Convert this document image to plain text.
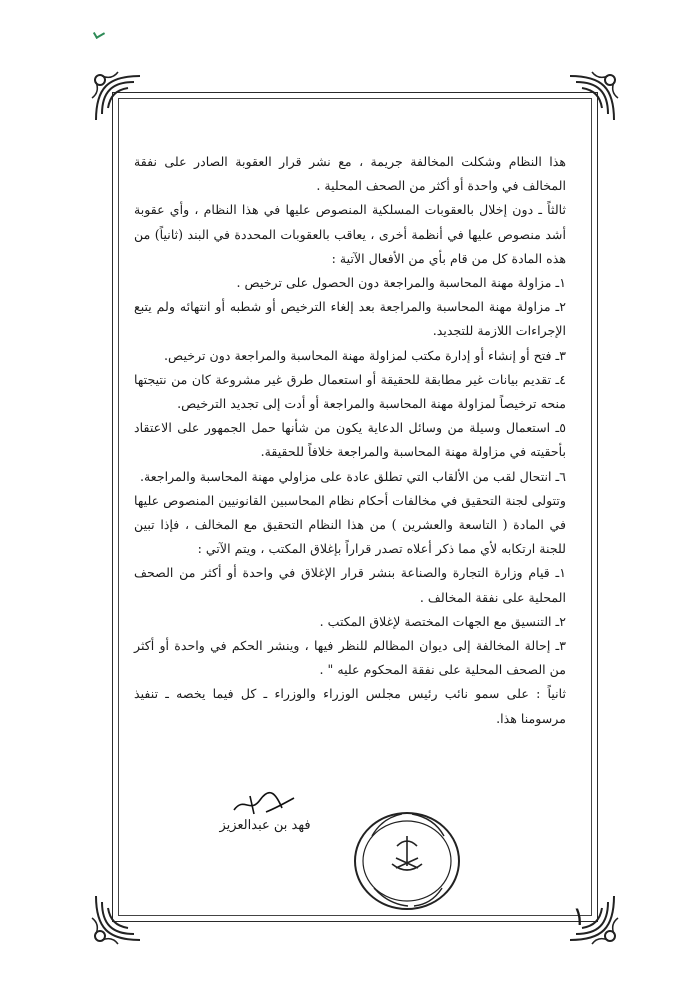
هذا النظام وشكلت المخالفة جريمة ، مع نشر قرار العقوبة الصادر على نفقة المخالف في واحدة أو أكثر من الصحف المحلية .

ثالثاً ـ دون إخلال بالعقوبات المسلكية المنصوص عليها في هذا النظام ، وأي عقوبة أشد منصوص عليها في أنظمة أخرى ، يعاقب بالعقوبات المحددة في البند (ثانياً) من هذه المادة كل من قام بأي من الأفعال الآتية :

١ـ مزاولة مهنة المحاسبة والمراجعة دون الحصول على ترخيص .

٢ـ مزاولة مهنة المحاسبة والمراجعة بعد إلغاء الترخيص أو شطبه أو انتهائه ولم يتبع الإجراءات اللازمة للتجديد.

٣ـ فتح أو إنشاء أو إدارة مكتب لمزاولة مهنة المحاسبة والمراجعة دون ترخيص.

٤ـ تقديم بيانات غير مطابقة للحقيقة أو استعمال طرق غير مشروعة كان من نتيجتها منحه ترخيصاً لمزاولة مهنة المحاسبة والمراجعة أو أدت إلى تجديد الترخيص.

٥ـ استعمال وسيلة من وسائل الدعاية يكون من شأنها حمل الجمهور على الاعتقاد بأحقيته في مزاولة مهنة المحاسبة والمراجعة خلافاً للحقيقة.

٦ـ انتحال لقب من الألقاب التي تطلق عادة على مزاولي مهنة المحاسبة والمراجعة.

وتتولى لجنة التحقيق في مخالفات أحكام نظام المحاسبين القانونيين المنصوص عليها في المادة ( التاسعة والعشرين ) من هذا النظام التحقيق مع المخالف ، فإذا تبين للجنة ارتكابه لأي مما ذكر أعلاه تصدر قراراً بإغلاق المكتب ، ويتم الآتي :

١ـ قيام وزارة التجارة والصناعة بنشر قرار الإغلاق في واحدة أو أكثر من الصحف المحلية على نفقة المخالف .

٢ـ التنسيق مع الجهات المختصة لإغلاق المكتب .

٣ـ إحالة المخالفة إلى ديوان المظالم للنظر فيها ، وينشر الحكم في واحدة أو أكثر من الصحف المحلية على نفقة المحكوم عليه " .

ثانياً : على سمو نائب رئيس مجلس الوزراء والوزراء ـ كل فيما يخصه ـ تنفيذ مرسومنا هذا.

فهد بن عبدالعزيز
١
